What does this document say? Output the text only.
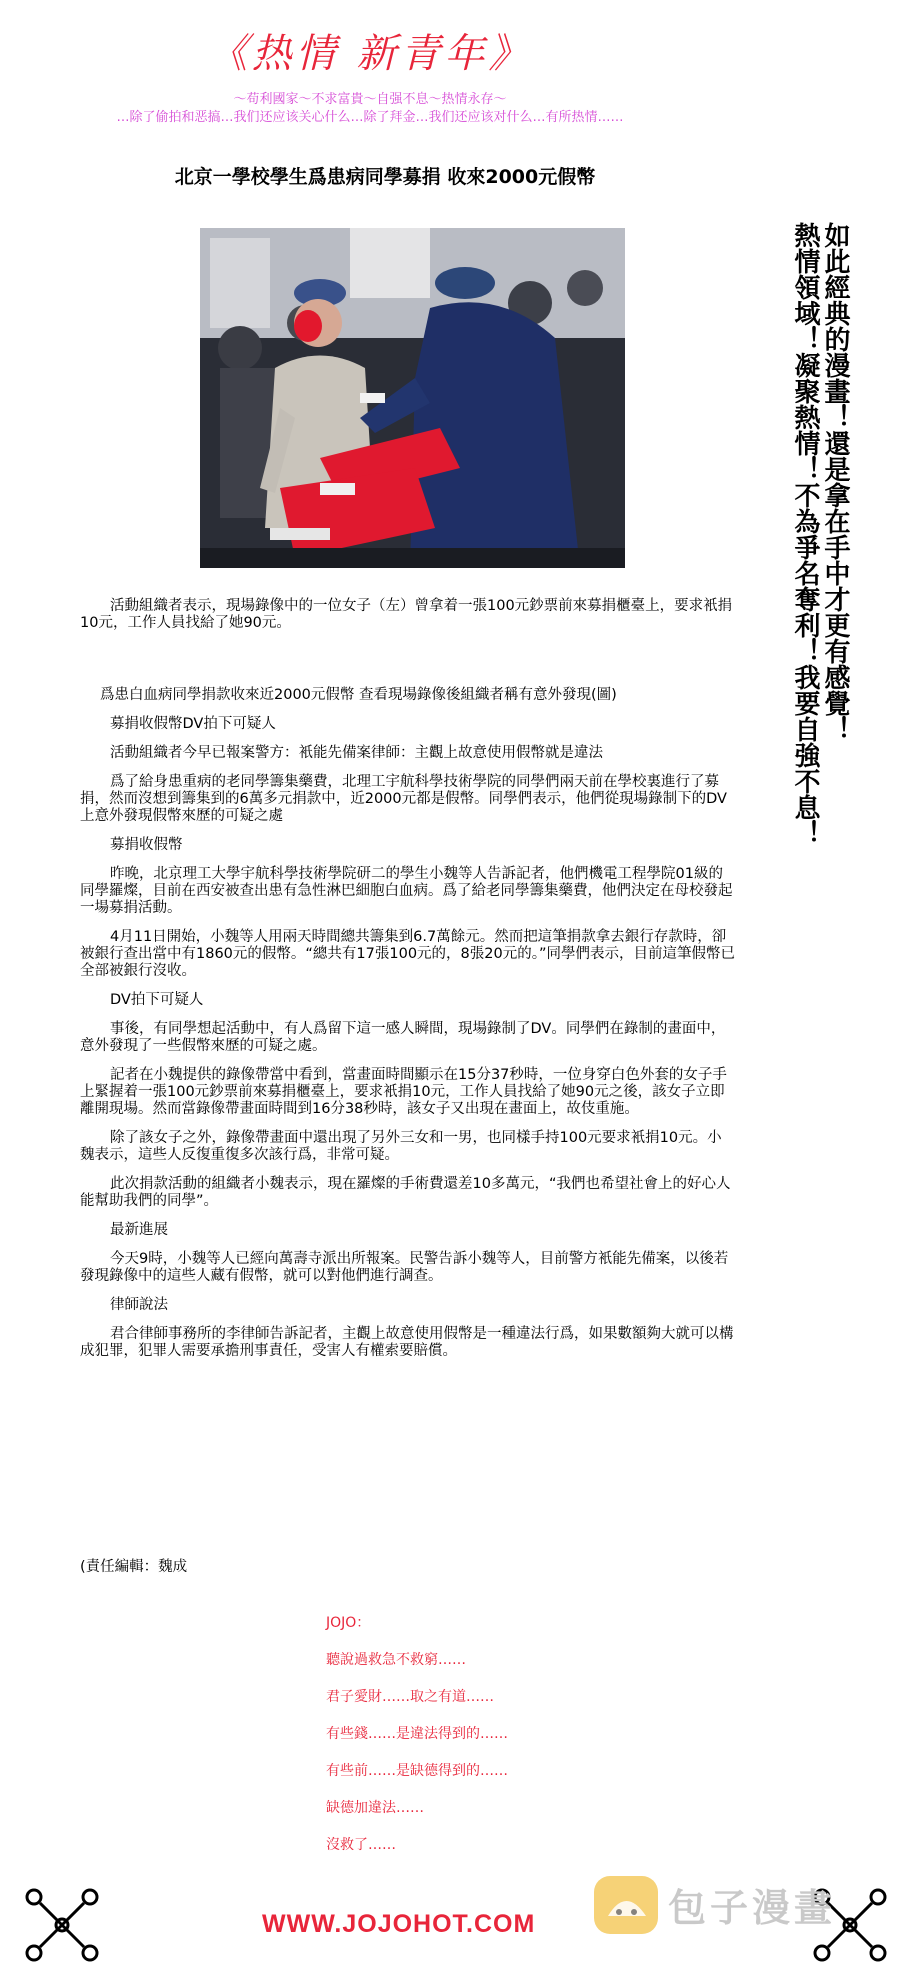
《热情 新青年》
～苟利國家～不求富貴～自强不息～热情永存～
…除了偷拍和恶搞…我们还应该关心什么…除了拜金…我们还应该对什么…有所热情……
北京一學校學生爲患病同學募捐 收來2000元假幣

活動組織者表示，現場錄像中的一位女子（左）曾拿着一張100元鈔票前來募捐櫃臺上，要求衹捐10元，工作人員找給了她90元。

爲患白血病同學捐款收來近2000元假幣 查看現場錄像後組織者稱有意外發現(圖)

募捐收假幣DV拍下可疑人

活動組織者今早已報案警方：衹能先備案律師：主觀上故意使用假幣就是違法

爲了給身患重病的老同學籌集藥費，北理工宇航科學技術學院的同學們兩天前在學校裏進行了募捐，然而沒想到籌集到的6萬多元捐款中，近2000元都是假幣。同學們表示，他們從現場錄制下的DV上意外發現假幣來歷的可疑之處

募捐收假幣

昨晚，北京理工大學宇航科學技術學院研二的學生小魏等人告訴記者，他們機電工程學院01級的同學羅燦，目前在西安被查出患有急性淋巴細胞白血病。爲了給老同學籌集藥費，他們決定在母校發起一場募捐活動。

4月11日開始，小魏等人用兩天時間總共籌集到6.7萬餘元。然而把這筆捐款拿去銀行存款時，卻被銀行查出當中有1860元的假幣。“總共有17張100元的，8張20元的。”同學們表示，目前這筆假幣已全部被銀行沒收。

DV拍下可疑人

事後，有同學想起活動中，有人爲留下這一感人瞬間，現場錄制了DV。同學們在錄制的畫面中，意外發現了一些假幣來歷的可疑之處。

記者在小魏提供的錄像帶當中看到，當畫面時間顯示在15分37秒時，一位身穿白色外套的女子手上緊握着一張100元鈔票前來募捐櫃臺上，要求衹捐10元，工作人員找給了她90元之後，該女子立即離開現場。然而當錄像帶畫面時間到16分38秒時，該女子又出現在畫面上，故伎重施。

除了該女子之外，錄像帶畫面中還出現了另外三女和一男，也同樣手持100元要求衹捐10元。小魏表示，這些人反復重復多次該行爲，非常可疑。

此次捐款活動的組織者小魏表示，現在羅燦的手術費還差10多萬元，“我們也希望社會上的好心人能幫助我們的同學”。

最新進展

今天9時，小魏等人已經向萬壽寺派出所報案。民警告訴小魏等人，目前警方衹能先備案，以後若發現錄像中的這些人藏有假幣，就可以對他們進行調查。

律師說法

君合律師事務所的李律師告訴記者，主觀上故意使用假幣是一種違法行爲，如果數額夠大就可以構成犯罪，犯罪人需要承擔刑事責任，受害人有權索要賠償。

(責任編輯：魏成
JOJO：
聽說過救急不救窮……
君子愛財……取之有道……
有些錢……是違法得到的……
有些前……是缺德得到的……
缺德加違法……
沒救了……
如此經典的漫畫！還是拿在手中才更有感覺！
熱情領域！凝聚熱情！不為爭名奪利！我要自強不息！
包子漫畫
WWW.JOJOHOT.COM
